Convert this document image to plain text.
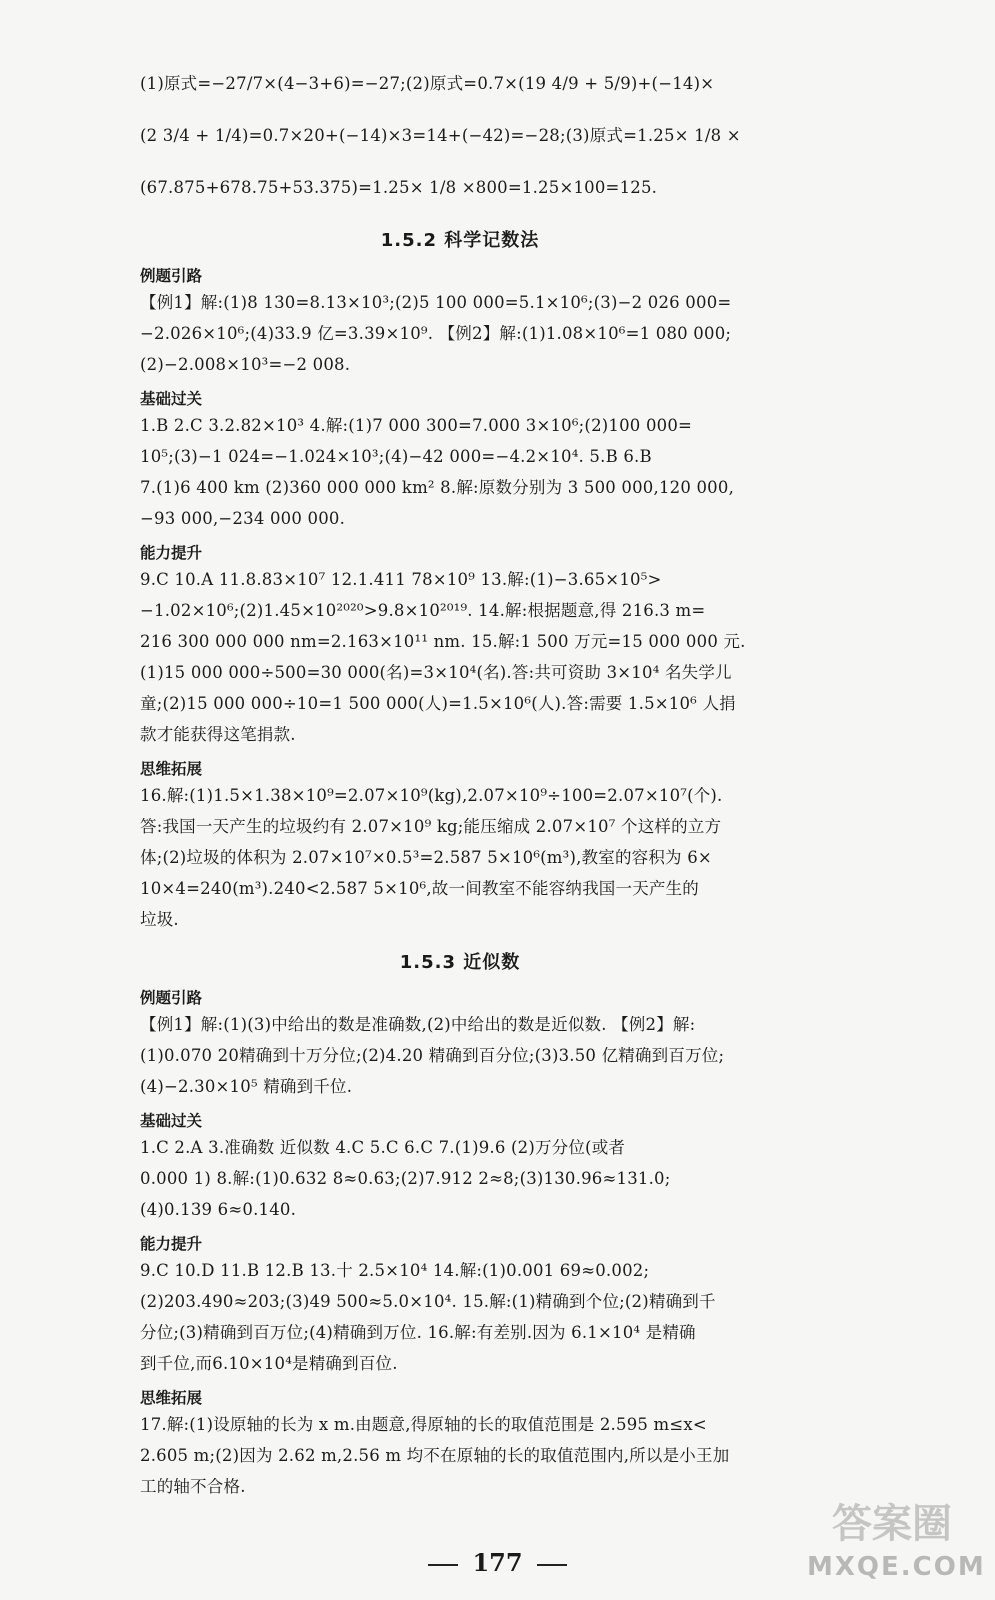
(1)原式=−27/7×(4−3+6)=−27;(2)原式=0.7×(19 4/9 + 5/9)+(−14)×

(2 3/4 + 1/4)=0.7×20+(−14)×3=14+(−42)=−28;(3)原式=1.25× 1/8 ×

(67.875+678.75+53.375)=1.25× 1/8 ×800=1.25×100=125.

1.5.2 科学记数法
例题引路

【例1】解:(1)8 130=8.13×10³;(2)5 100 000=5.1×10⁶;(3)−2 026 000=

−2.026×10⁶;(4)33.9 亿=3.39×10⁹. 【例2】解:(1)1.08×10⁶=1 080 000;

(2)−2.008×10³=−2 008.

基础过关

1.B 2.C 3.2.82×10³ 4.解:(1)7 000 300=7.000 3×10⁶;(2)100 000=

10⁵;(3)−1 024=−1.024×10³;(4)−42 000=−4.2×10⁴. 5.B 6.B

7.(1)6 400 km (2)360 000 000 km² 8.解:原数分别为 3 500 000,120 000,

−93 000,−234 000 000.

能力提升

9.C 10.A 11.8.83×10⁷ 12.1.411 78×10⁹ 13.解:(1)−3.65×10⁵>

−1.02×10⁶;(2)1.45×10²⁰²⁰>9.8×10²⁰¹⁹. 14.解:根据题意,得 216.3 m=

216 300 000 000 nm=2.163×10¹¹ nm. 15.解:1 500 万元=15 000 000 元.

(1)15 000 000÷500=30 000(名)=3×10⁴(名).答:共可资助 3×10⁴ 名失学儿

童;(2)15 000 000÷10=1 500 000(人)=1.5×10⁶(人).答:需要 1.5×10⁶ 人捐

款才能获得这笔捐款.

思维拓展

16.解:(1)1.5×1.38×10⁹=2.07×10⁹(kg),2.07×10⁹÷100=2.07×10⁷(个).

答:我国一天产生的垃圾约有 2.07×10⁹ kg;能压缩成 2.07×10⁷ 个这样的立方

体;(2)垃圾的体积为 2.07×10⁷×0.5³=2.587 5×10⁶(m³),教室的容积为 6×

10×4=240(m³).240<2.587 5×10⁶,故一间教室不能容纳我国一天产生的

垃圾.

1.5.3 近似数
例题引路

【例1】解:(1)(3)中给出的数是准确数,(2)中给出的数是近似数. 【例2】解:

(1)0.070 20精确到十万分位;(2)4.20 精确到百分位;(3)3.50 亿精确到百万位;

(4)−2.30×10⁵ 精确到千位.

基础过关

1.C 2.A 3.准确数 近似数 4.C 5.C 6.C 7.(1)9.6 (2)万分位(或者

0.000 1) 8.解:(1)0.632 8≈0.63;(2)7.912 2≈8;(3)130.96≈131.0;

(4)0.139 6≈0.140.

能力提升

9.C 10.D 11.B 12.B 13.十 2.5×10⁴ 14.解:(1)0.001 69≈0.002;

(2)203.490≈203;(3)49 500≈5.0×10⁴. 15.解:(1)精确到个位;(2)精确到千

分位;(3)精确到百万位;(4)精确到万位. 16.解:有差别.因为 6.1×10⁴ 是精确

到千位,而6.10×10⁴是精确到百位.

思维拓展

17.解:(1)设原轴的长为 x m.由题意,得原轴的长的取值范围是 2.595 m≤x<

2.605 m;(2)因为 2.62 m,2.56 m 均不在原轴的长的取值范围内,所以是小王加

工的轴不合格.

177
答案圈
MXQE.COM
